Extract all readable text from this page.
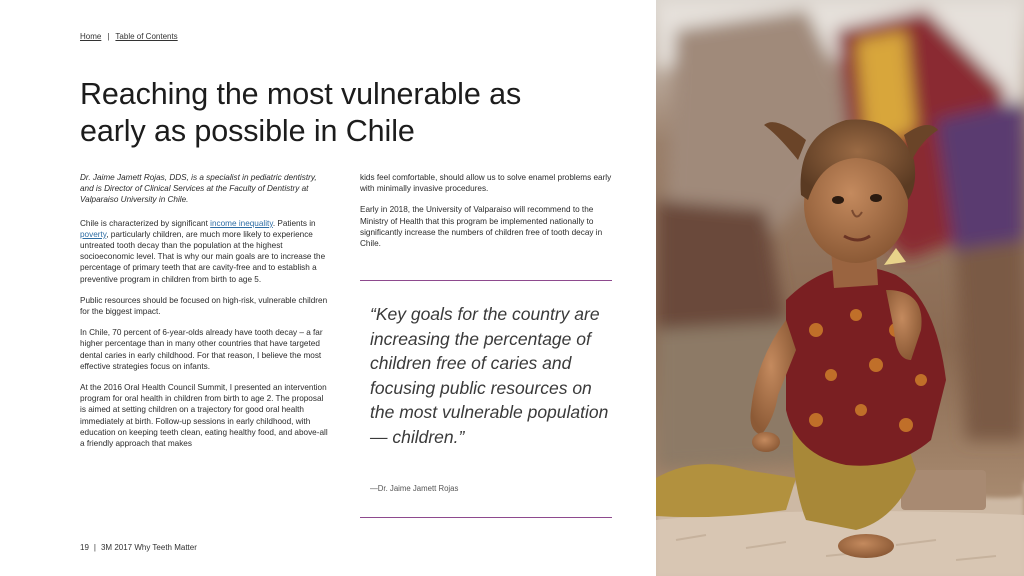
Home | Table of Contents
Reaching the most vulnerable as early as possible in Chile

Dr. Jaime Jamett Rojas, DDS, is a specialist in pediatric dentistry, and is Director of Clinical Services at the Faculty of Dentistry at Valparaiso University in Chile.

Chile is characterized by significant income inequality. Patients in poverty, particularly children, are much more likely to experience untreated tooth decay than the population at the highest socioeconomic level. That is why our main goals are to increase the percentage of primary teeth that are cavity-free and to establish a preventive program in children from birth to age 5.

Public resources should be focused on high-risk, vulnerable children for the biggest impact.

In Chile, 70 percent of 6-year-olds already have tooth decay – a far higher percentage than in many other countries that have targeted dental caries in early childhood. For that reason, I believe the most effective strategies focus on infants.

At the 2016 Oral Health Council Summit, I presented an intervention program for oral health in children from birth to age 2. The proposal is aimed at setting children on a trajectory for good oral health immediately at birth. Follow-up sessions in early childhood, with education on keeping teeth clean, eating healthy food, and above-all a friendly approach that makes

kids feel comfortable, should allow us to solve enamel problems early with minimally invasive procedures.

Early in 2018, the University of Valparaiso will recommend to the Ministry of Health that this program be implemented nationally to significantly increase the numbers of children free of tooth decay in Chile.

“Key goals for the country are increasing the percentage of children free of caries and focusing public resources on the most vulnerable population — children.”
—Dr. Jaime Jamett Rojas
19 | 3M 2017 Why Teeth Matter
